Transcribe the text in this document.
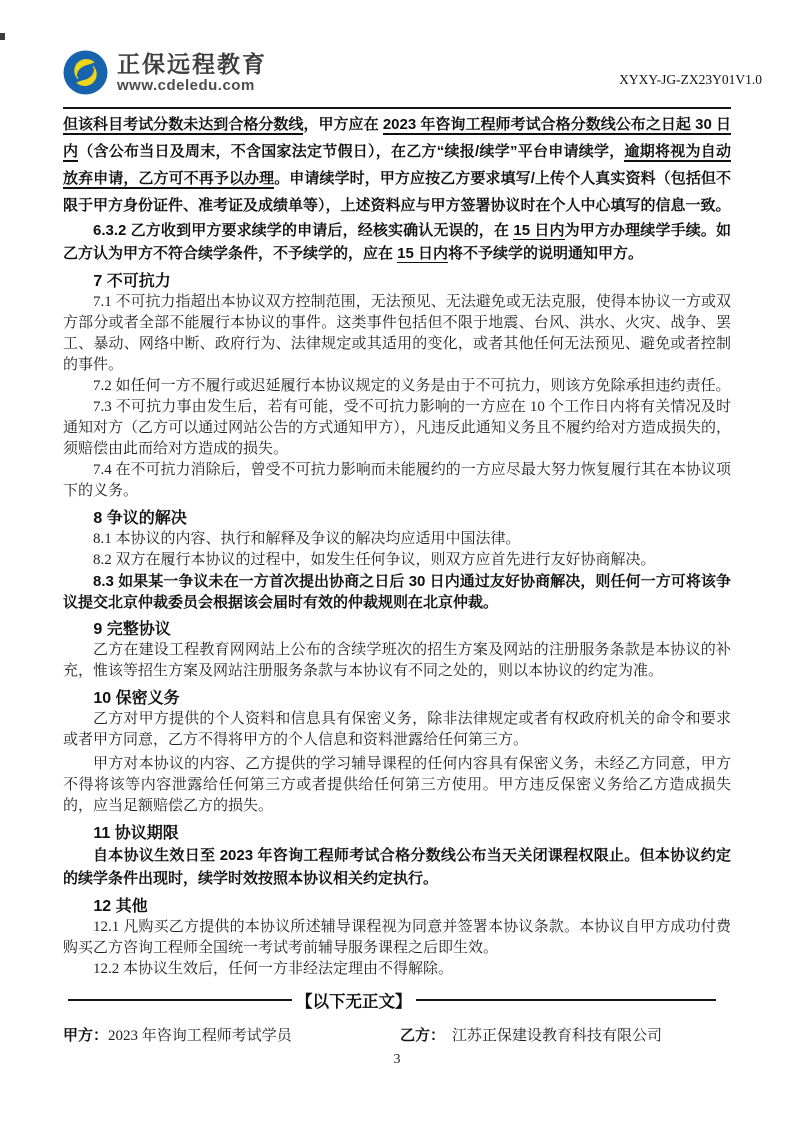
正保远程教育
www.cdeledu.com	XYXY-JG-ZX23Y01V1.0

但该科目考试分数未达到合格分数线，甲方应在 2023 年咨询工程师考试合格分数线公布之日起 30 日内（含公布当日及周末，不含国家法定节假日），在乙方“续报/续学”平台申请续学，逾期将视为自动放弃申请，乙方可不再予以办理。申请续学时，甲方应按乙方要求填写/上传个人真实资料（包括但不限于甲方身份证件、准考证及成绩单等），上述资料应与甲方签署协议时在个人中心填写的信息一致。

6.3.2 乙方收到甲方要求续学的申请后，经核实确认无误的，在 15 日内为甲方办理续学手续。如乙方认为甲方不符合续学条件，不予续学的，应在 15 日内将不予续学的说明通知甲方。

7 不可抗力

7.1 不可抗力指超出本协议双方控制范围，无法预见、无法避免或无法克服，使得本协议一方或双方部分或者全部不能履行本协议的事件。这类事件包括但不限于地震、台风、洪水、火灾、战争、罢工、暴动、网络中断、政府行为、法律规定或其适用的变化，或者其他任何无法预见、避免或者控制的事件。

7.2 如任何一方不履行或迟延履行本协议规定的义务是由于不可抗力，则该方免除承担违约责任。

7.3 不可抗力事由发生后，若有可能，受不可抗力影响的一方应在 10 个工作日内将有关情况及时通知对方（乙方可以通过网站公告的方式通知甲方），凡违反此通知义务且不履约给对方造成损失的，须赔偿由此而给对方造成的损失。

7.4 在不可抗力消除后，曾受不可抗力影响而未能履约的一方应尽最大努力恢复履行其在本协议项下的义务。

8 争议的解决

8.1 本协议的内容、执行和解释及争议的解决均应适用中国法律。

8.2 双方在履行本协议的过程中，如发生任何争议，则双方应首先进行友好协商解决。

8.3 如果某一争议未在一方首次提出协商之日后 30 日内通过友好协商解决，则任何一方可将该争议提交北京仲裁委员会根据该会届时有效的仲裁规则在北京仲裁。

9 完整协议

乙方在建设工程教育网网站上公布的含续学班次的招生方案及网站的注册服务条款是本协议的补充，惟该等招生方案及网站注册服务条款与本协议有不同之处的，则以本协议的约定为准。

10 保密义务

乙方对甲方提供的个人资料和信息具有保密义务，除非法律规定或者有权政府机关的命令和要求或者甲方同意，乙方不得将甲方的个人信息和资料泄露给任何第三方。

甲方对本协议的内容、乙方提供的学习辅导课程的任何内容具有保密义务，未经乙方同意，甲方不得将该等内容泄露给任何第三方或者提供给任何第三方使用。甲方违反保密义务给乙方造成损失的，应当足额赔偿乙方的损失。

11 协议期限

自本协议生效日至 2023 年咨询工程师考试合格分数线公布当天关闭课程权限止。但本协议约定的续学条件出现时，续学时效按照本协议相关约定执行。

12 其他

12.1 凡购买乙方提供的本协议所述辅导课程视为同意并签署本协议条款。本协议自甲方成功付费购买乙方咨询工程师全国统一考试考前辅导服务课程之后即生效。

12.2 本协议生效后，任何一方非经法定理由不得解除。

【以下无正文】
甲方：2023 年咨询工程师考试学员	乙方： 江苏正保建设教育科技有限公司
3
